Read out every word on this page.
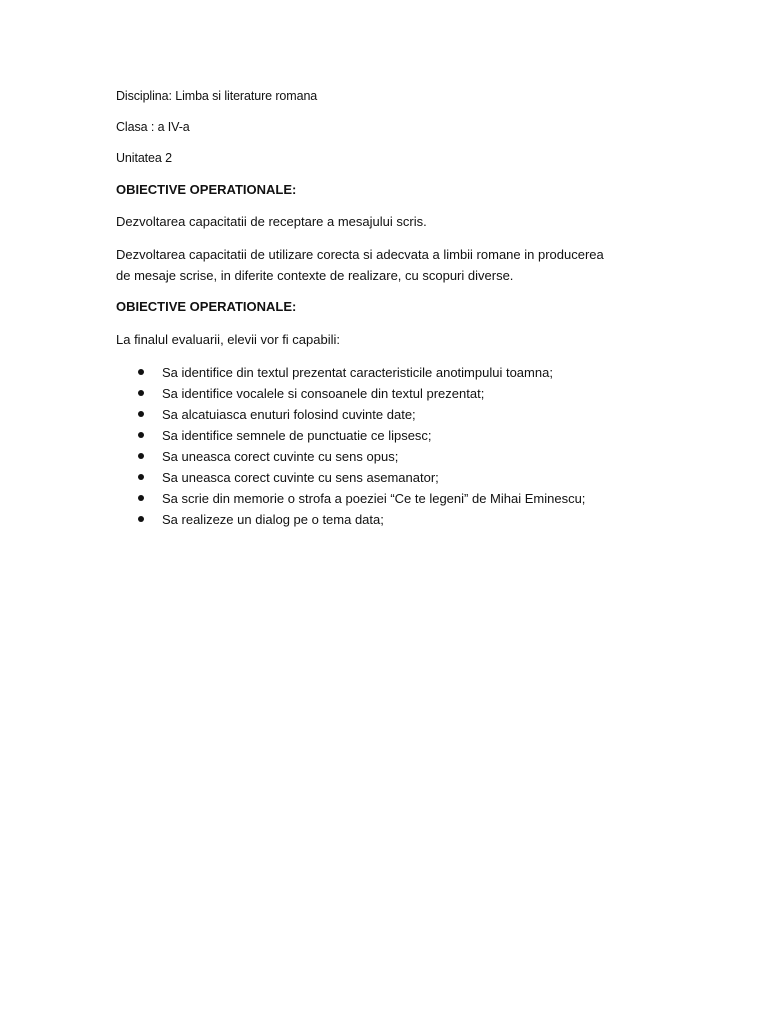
Disciplina: Limba si literature romana

Clasa : a IV-a

Unitatea 2

OBIECTIVE OPERATIONALE:

Dezvoltarea capacitatii de receptare a mesajului scris.

Dezvoltarea capacitatii de utilizare corecta si adecvata a limbii romane in producerea

de mesaje scrise, in diferite contexte de realizare, cu scopuri diverse.

OBIECTIVE OPERATIONALE:

La finalul evaluarii, elevii vor fi capabili:

Sa identifice din textul prezentat caracteristicile anotimpului toamna;
Sa identifice vocalele si consoanele din textul prezentat;
Sa alcatuiasca enuturi folosind cuvinte date;
Sa identifice semnele de punctuatie ce lipsesc;
Sa uneasca corect cuvinte cu sens opus;
Sa uneasca corect cuvinte cu sens asemanator;
Sa scrie din memorie o strofa a poeziei “Ce te legeni” de Mihai Eminescu;
Sa realizeze un dialog pe o tema data;
